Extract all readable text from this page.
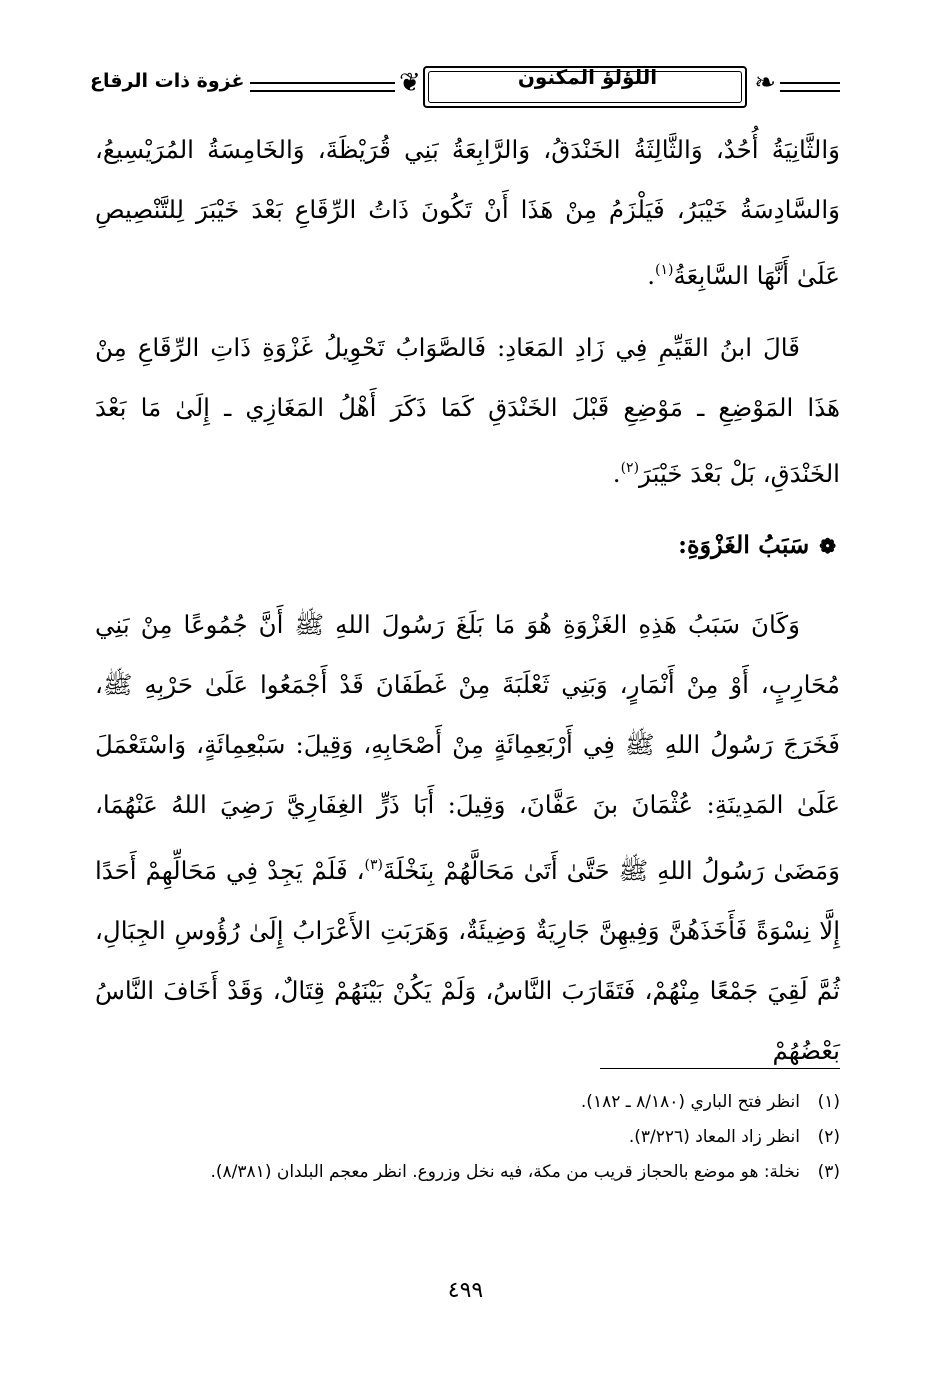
غزوة ذات الرقاع	❦	❧
اللؤلؤ المكنون
وَالثَّانِيَةُ أُحُدٌ، وَالثَّالِثَةُ الخَنْدَقُ، وَالرَّابِعَةُ بَنِي قُرَيْظَةَ، وَالخَامِسَةُ المُرَيْسِيعُ، وَالسَّادِسَةُ خَيْبَرُ، فَيَلْزَمُ مِنْ هَذَا أَنْ تَكُونَ ذَاتُ الرِّقَاعِ بَعْدَ خَيْبَرَ لِلتَّنْصِيصِ عَلَىٰ أَنَّهَا السَّابِعَةُ$^{(١)}$.
قَالَ ابنُ القَيِّمِ فِي زَادِ المَعَادِ: فَالصَّوَابُ تَحْوِيلُ غَزْوَةِ ذَاتِ الرِّقَاعِ مِنْ هَذَا المَوْضِعِ ـ مَوْضِعِ قَبْلَ الخَنْدَقِ كَمَا ذَكَرَ أَهْلُ المَغَازِي ـ إِلَىٰ مَا بَعْدَ الخَنْدَقِ، بَلْ بَعْدَ خَيْبَرَ$^{(٢)}$.
❁سَبَبُ الغَزْوَةِ:
وَكَانَ سَبَبُ هَذِهِ الغَزْوَةِ هُوَ مَا بَلَغَ رَسُولَ اللهِ ﷺ أَنَّ جُمُوعًا مِنْ بَنِي مُحَارِبٍ، أَوْ مِنْ أَنْمَارٍ، وَبَنِي ثَعْلَبَةَ مِنْ غَطَفَانَ قَدْ أَجْمَعُوا عَلَىٰ حَرْبِهِ ﷺ، فَخَرَجَ رَسُولُ اللهِ ﷺ فِي أَرْبَعِمِائَةٍ مِنْ أَصْحَابِهِ، وَقِيلَ: سَبْعِمِائَةٍ، وَاسْتَعْمَلَ عَلَىٰ المَدِينَةِ: عُثْمَانَ بنَ عَفَّانَ، وَقِيلَ: أَبَا ذَرٍّ الغِفَارِيَّ رَضِيَ اللهُ عَنْهُمَا، وَمَضَىٰ رَسُولُ اللهِ ﷺ حَتَّىٰ أَتَىٰ مَحَالَّهُمْ بِنَخْلَةَ$^{(٣)}$، فَلَمْ يَجِدْ فِي مَحَالِّهِمْ أَحَدًا إِلَّا نِسْوَةً فَأَخَذَهُنَّ وَفِيهِنَّ جَارِيَةٌ وَضِيئَةٌ، وَهَرَبَتِ الأَعْرَابُ إِلَىٰ رُؤُوسِ الجِبَالِ، ثُمَّ لَقِيَ جَمْعًا مِنْهُمْ، فَتَقَارَبَ النَّاسُ، وَلَمْ يَكُنْ بَيْنَهُمْ قِتَالٌ، وَقَدْ أَخَافَ النَّاسُ بَعْضُهُمْ
(١)
انظر فتح الباري (٨/١٨٠ ـ ١٨٢).
(٢)
انظر زاد المعاد (٣/٢٢٦).
(٣)
نخلة: هو موضع بالحجاز قريب من مكة، فيه نخل وزروع. انظر معجم البلدان (٨/٣٨١).
٤٩٩
